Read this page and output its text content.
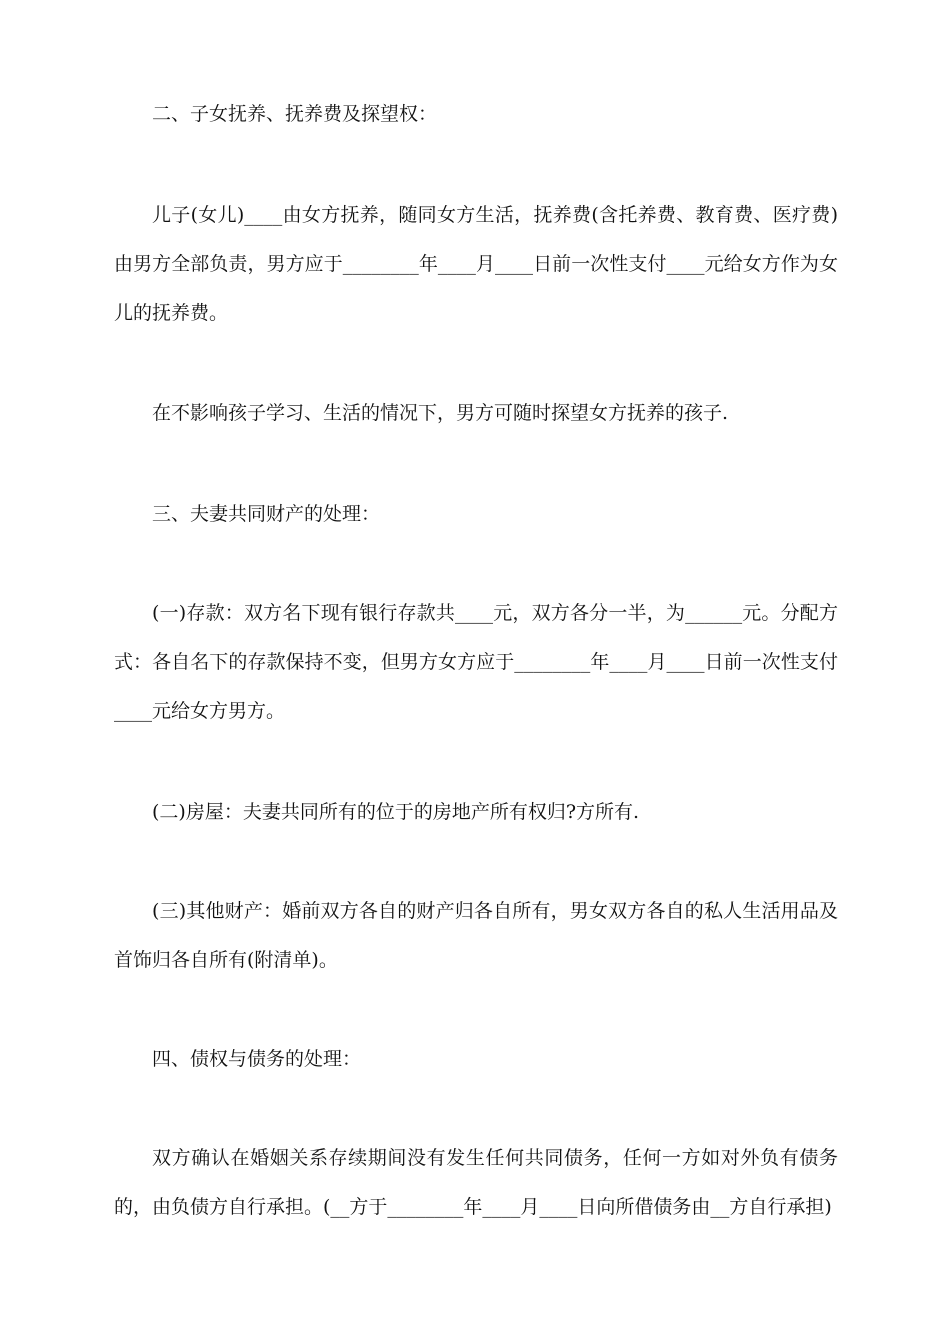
二、子女抚养、抚养费及探望权：

儿子(女儿)____由女方抚养，随同女方生活，抚养费(含托养费、教育费、医疗费)由男方全部负责，男方应于________年____月____日前一次性支付____元给女方作为女儿的抚养费。

在不影响孩子学习、生活的情况下，男方可随时探望女方抚养的孩子.

三、夫妻共同财产的处理：

(一)存款：双方名下现有银行存款共____元，双方各分一半，为______元。分配方式：各自名下的存款保持不变，但男方女方应于________年____月____日前一次性支付____元给女方男方。

(二)房屋：夫妻共同所有的位于的房地产所有权归?方所有.

(三)其他财产：婚前双方各自的财产归各自所有，男女双方各自的私人生活用品及首饰归各自所有(附清单)。

四、债权与债务的处理：

双方确认在婚姻关系存续期间没有发生任何共同债务，任何一方如对外负有债务的，由负债方自行承担。(__方于________年____月____日向所借债务由__方自行承担)
